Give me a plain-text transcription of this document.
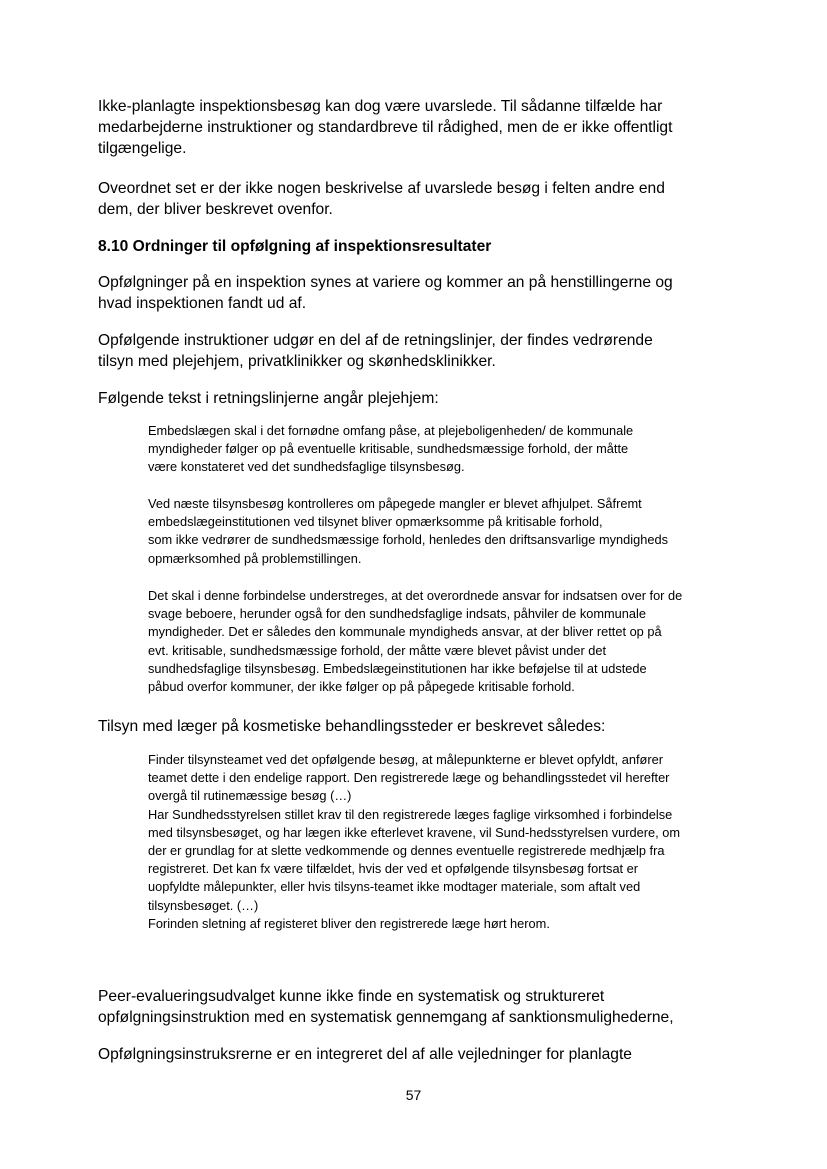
Ikke-planlagte inspektionsbesøg kan dog være uvarslede. Til sådanne tilfælde har
medarbejderne instruktioner og standardbreve til rådighed, men de er ikke offentligt
tilgængelige.
Oveordnet set er der ikke nogen beskrivelse af uvarslede besøg i felten andre end
dem, der bliver beskrevet ovenfor.
8.10 Ordninger til opfølgning af inspektionsresultater
Opfølgninger på en inspektion synes at variere og kommer an på henstillingerne og
hvad inspektionen fandt ud af.
Opfølgende instruktioner udgør en del af de retningslinjer, der findes vedrørende
tilsyn med plejehjem, privatklinikker og skønhedsklinikker.
Følgende tekst i retningslinjerne angår plejehjem:
Embedslægen skal i det fornødne omfang påse, at plejeboligenheden/ de kommunale
myndigheder følger op på eventuelle kritisable, sundhedsmæssige forhold, der måtte
være konstateret ved det sundhedsfaglige tilsynsbesøg.
Ved næste tilsynsbesøg kontrolleres om påpegede mangler er blevet afhjulpet. Såfremt
embedslægeinstitutionen ved tilsynet bliver opmærksomme på kritisable forhold,
som ikke vedrører de sundhedsmæssige forhold, henledes den driftsansvarlige myndigheds
opmærksomhed på problemstillingen.
Det skal i denne forbindelse understreges, at det overordnede ansvar for indsatsen over for de
svage beboere, herunder også for den sundhedsfaglige indsats, påhviler de kommunale
myndigheder. Det er således den kommunale myndigheds ansvar, at der bliver rettet op på
evt. kritisable, sundhedsmæssige forhold, der måtte være blevet påvist under det
sundhedsfaglige tilsynsbesøg. Embedslægeinstitutionen har ikke beføjelse til at udstede
påbud overfor kommuner, der ikke følger op på påpegede kritisable forhold.
Tilsyn med læger på kosmetiske behandlingssteder er beskrevet således:
Finder tilsynsteamet ved det opfølgende besøg, at målepunkterne er blevet opfyldt, anfører
teamet dette i den endelige rapport. Den registrerede læge og behandlingsstedet vil herefter
overgå til rutinemæssige besøg (…)
Har Sundhedsstyrelsen stillet krav til den registrerede læges faglige virksomhed i forbindelse
med tilsynsbesøget, og har lægen ikke efterlevet kravene, vil Sund-hedsstyrelsen vurdere, om
der er grundlag for at slette vedkommende og dennes eventuelle registrerede medhjælp fra
registreret. Det kan fx være tilfældet, hvis der ved et opfølgende tilsynsbesøg fortsat er
uopfyldte målepunkter, eller hvis tilsyns-teamet ikke modtager materiale, som aftalt ved
tilsynsbesøget. (…)
Forinden sletning af registeret bliver den registrerede læge hørt herom.
Peer-evalueringsudvalget kunne ikke finde en systematisk og struktureret
opfølgningsinstruktion med en systematisk gennemgang af sanktionsmulighederne,
Opfølgningsinstruksrerne er en integreret del af alle vejledninger for planlagte
57
